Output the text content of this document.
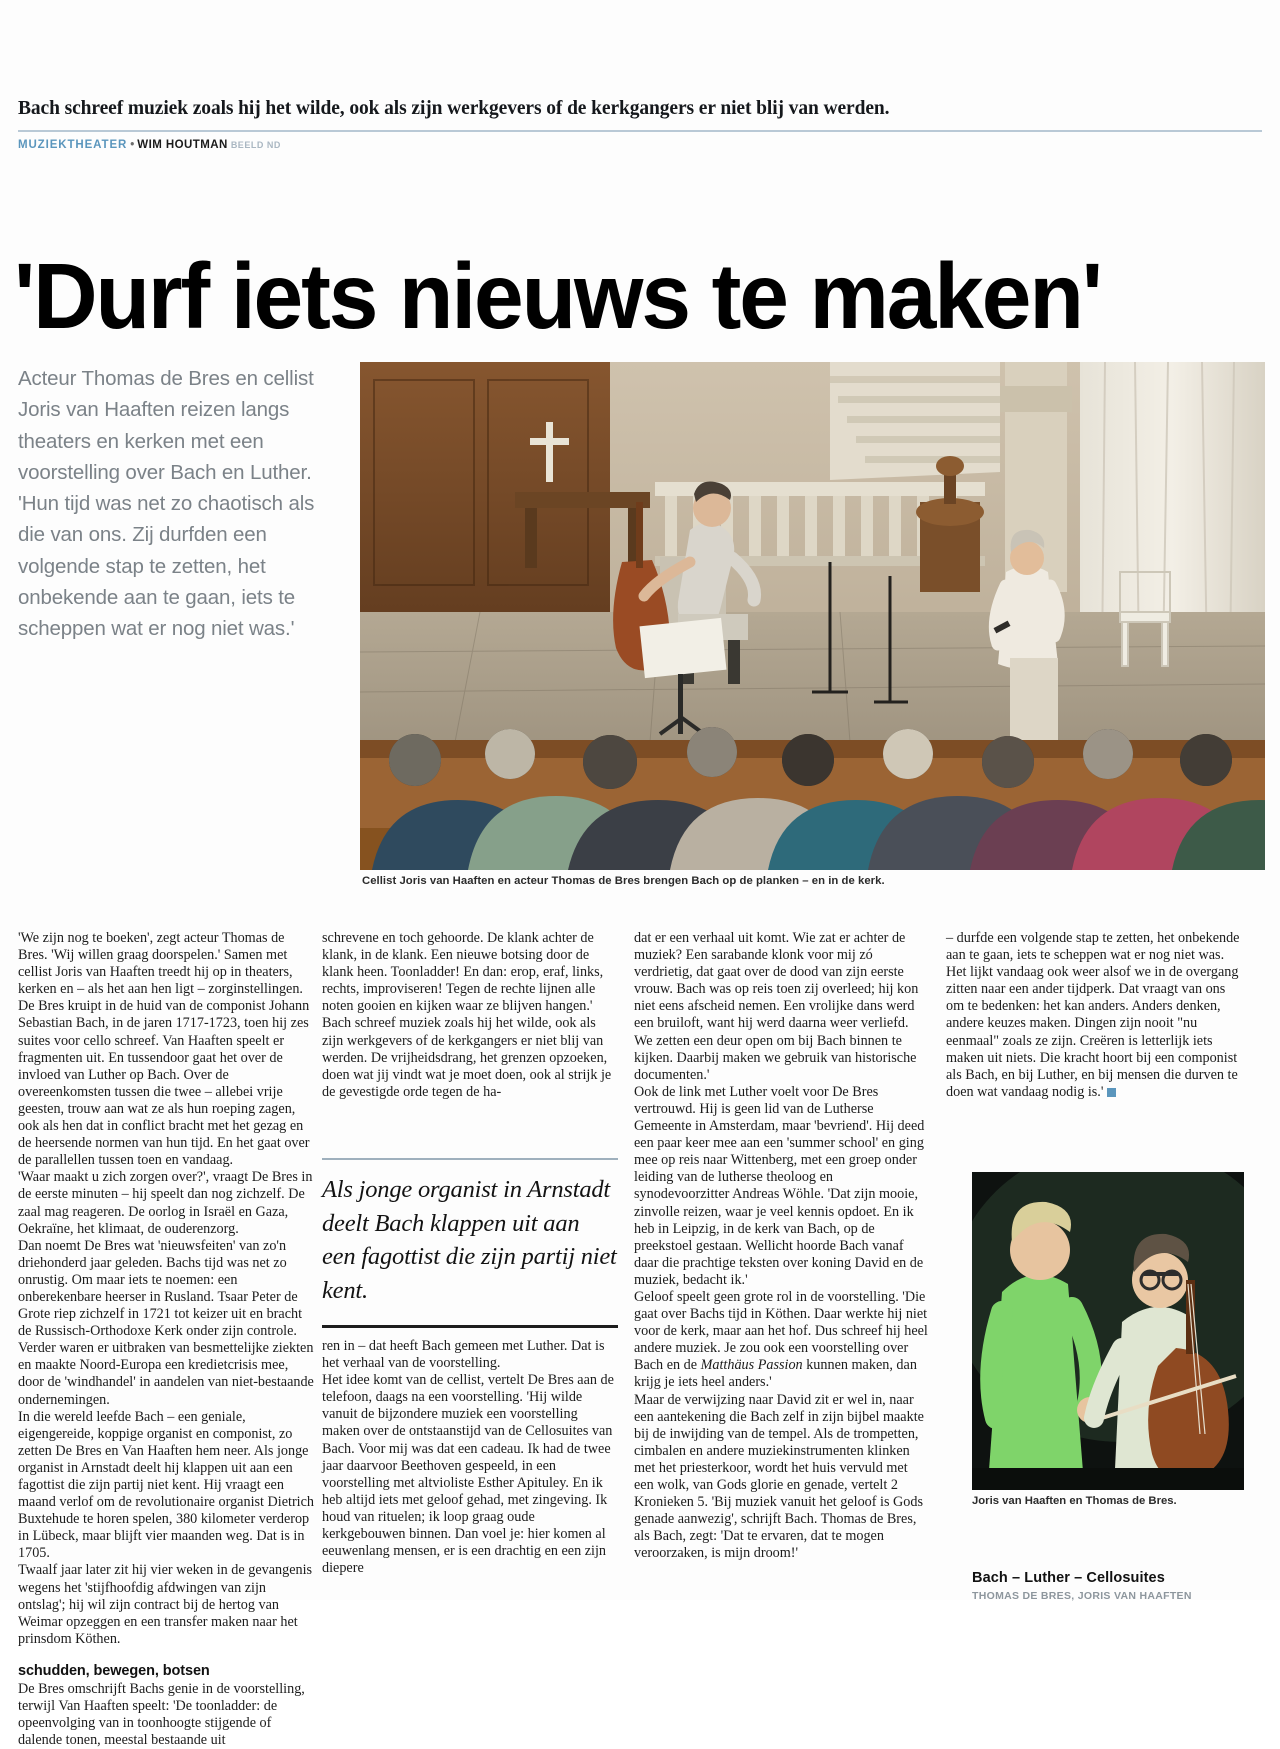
Bach schreef muziek zoals hij het wilde, ook als zijn werkgevers of de kerkgangers er niet blij van werden.
MUZIEKTHEATER • WIM HOUTMAN BEELD ND
'Durf iets nieuws te maken'
Acteur Thomas de Bres en cellist Joris van Haaften reizen langs theaters en kerken met een voorstelling over Bach en Luther. 'Hun tijd was net zo chaotisch als die van ons. Zij durfden een volgende stap te zetten, het onbekende aan te gaan, iets te scheppen wat er nog niet was.'
Cellist Joris van Haaften en acteur Thomas de Bres brengen Bach op de planken – en in de kerk.

'We zijn nog te boeken', zegt acteur Thomas de Bres. 'Wij willen graag doorspelen.' Samen met cellist Joris van Haaften treedt hij op in theaters, kerken en – als het aan hen ligt – zorginstellingen. De Bres kruipt in de huid van de componist Johann Sebastian Bach, in de jaren 1717-1723, toen hij zes suites voor cello schreef. Van Haaften speelt er fragmenten uit. En tussendoor gaat het over de invloed van Luther op Bach. Over de overeenkomsten tussen die twee – allebei vrije geesten, trouw aan wat ze als hun roeping zagen, ook als hen dat in conflict bracht met het gezag en de heersende normen van hun tijd. En het gaat over de parallellen tussen toen en vandaag.

'Waar maakt u zich zorgen over?', vraagt De Bres in de eerste minuten – hij speelt dan nog zichzelf. De zaal mag reageren. De oorlog in Israël en Gaza, Oekraïne, het klimaat, de ouderenzorg.

Dan noemt De Bres wat 'nieuwsfeiten' van zo'n driehonderd jaar geleden. Bachs tijd was net zo onrustig. Om maar iets te noemen: een onberekenbare heerser in Rusland. Tsaar Peter de Grote riep zichzelf in 1721 tot keizer uit en bracht de Russisch-Orthodoxe Kerk onder zijn controle.

Verder waren er uitbraken van besmettelijke ziekten en maakte Noord-Europa een kredietcrisis mee, door de 'windhandel' in aandelen van niet-bestaande ondernemingen.

In die wereld leefde Bach – een geniale, eigengereide, koppige organist en componist, zo zetten De Bres en Van Haaften hem neer. Als jonge organist in Arnstadt deelt hij klappen uit aan een fagottist die zijn partij niet kent. Hij vraagt een maand verlof om de revolutionaire organist Dietrich Buxtehude te horen spelen, 380 kilometer verderop in Lübeck, maar blijft vier maanden weg. Dat is in 1705.

Twaalf jaar later zit hij vier weken in de gevangenis wegens het 'stijfhoofdig afdwingen van zijn ontslag'; hij wil zijn contract bij de hertog van Weimar opzeggen en een transfer maken naar het prinsdom Köthen.

schudden, bewegen, botsen

De Bres omschrijft Bachs genie in de voorstelling, terwijl Van Haaften speelt: 'De toonladder: de opeenvolging van in toonhoogte stijgende of dalende tonen, meestal bestaande uit

schrevene en toch gehoorde. De klank achter de klank, in de klank. Een nieuwe botsing door de klank heen. Toonladder! En dan: erop, eraf, links, rechts, improviseren! Tegen de rechte lijnen alle noten gooien en kijken waar ze blijven hangen.'

Bach schreef muziek zoals hij het wilde, ook als zijn werkgevers of de kerkgangers er niet blij van werden. De vrijheidsdrang, het grenzen opzoeken, doen wat jij vindt wat je moet doen, ook al strijk je de gevestigde orde tegen de ha-

Als jonge organist in Arnstadt deelt Bach klappen uit aan een fagottist die zijn partij niet kent.

ren in – dat heeft Bach gemeen met Luther. Dat is het verhaal van de voorstelling.

Het idee komt van de cellist, vertelt De Bres aan de telefoon, daags na een voorstelling. 'Hij wilde vanuit de bijzondere muziek een voorstelling maken over de ontstaanstijd van de Cellosuites van Bach. Voor mij was dat een cadeau. Ik had de twee jaar daarvoor Beethoven gespeeld, in een voorstelling met altvioliste Esther Apituley. En ik heb altijd iets met geloof gehad, met zingeving. Ik houd van rituelen; ik loop graag oude kerkgebouwen binnen. Dan voel je: hier komen al eeuwenlang mensen, er is een drachtig en een zijn diepere

dat er een verhaal uit komt. Wie zat er achter de muziek? Een sarabande klonk voor mij zó verdrietig, dat gaat over de dood van zijn eerste vrouw. Bach was op reis toen zij overleed; hij kon niet eens afscheid nemen. Een vrolijke dans werd een bruiloft, want hij werd daarna weer verliefd. We zetten een deur open om bij Bach binnen te kijken. Daarbij maken we gebruik van historische documenten.'

Ook de link met Luther voelt voor De Bres vertrouwd. Hij is geen lid van de Lutherse Gemeente in Amsterdam, maar 'bevriend'. Hij deed een paar keer mee aan een 'summer school' en ging mee op reis naar Wittenberg, met een groep onder leiding van de lutherse theoloog en synodevoorzitter Andreas Wöhle. 'Dat zijn mooie, zinvolle reizen, waar je veel kennis opdoet. En ik heb in Leipzig, in de kerk van Bach, op de preekstoel gestaan. Wellicht hoorde Bach vanaf daar die prachtige teksten over koning David en de muziek, bedacht ik.'

Geloof speelt geen grote rol in de voorstelling. 'Die gaat over Bachs tijd in Köthen. Daar werkte hij niet voor de kerk, maar aan het hof. Dus schreef hij heel andere muziek. Je zou ook een voorstelling over Bach en de Matthäus Passion kunnen maken, dan krijg je iets heel anders.'

Maar de verwijzing naar David zit er wel in, naar een aantekening die Bach zelf in zijn bijbel maakte bij de inwijding van de tempel. Als de trompetten, cimbalen en andere muziekinstrumenten klinken met het priesterkoor, wordt het huis vervuld met een wolk, van Gods glorie en genade, vertelt 2 Kronieken 5. 'Bij muziek vanuit het geloof is Gods genade aanwezig', schrijft Bach. Thomas de Bres, als Bach, zegt: 'Dat te ervaren, dat te mogen veroorzaken, is mijn droom!'

– durfde een volgende stap te zetten, het onbekende aan te gaan, iets te scheppen wat er nog niet was. Het lijkt vandaag ook weer alsof we in de overgang zitten naar een ander tijdperk. Dat vraagt van ons om te bedenken: het kan anders. Anders denken, andere keuzes maken. Dingen zijn nooit "nu eenmaal" zoals ze zijn. Creëren is letterlijk iets maken uit niets. Die kracht hoort bij een componist als Bach, en bij Luther, en bij mensen die durven te doen wat vandaag nodig is.'

Joris van Haaften en Thomas de Bres.
Bach – Luther – Cellosuites
THOMAS DE BRES, JORIS VAN HAAFTEN
